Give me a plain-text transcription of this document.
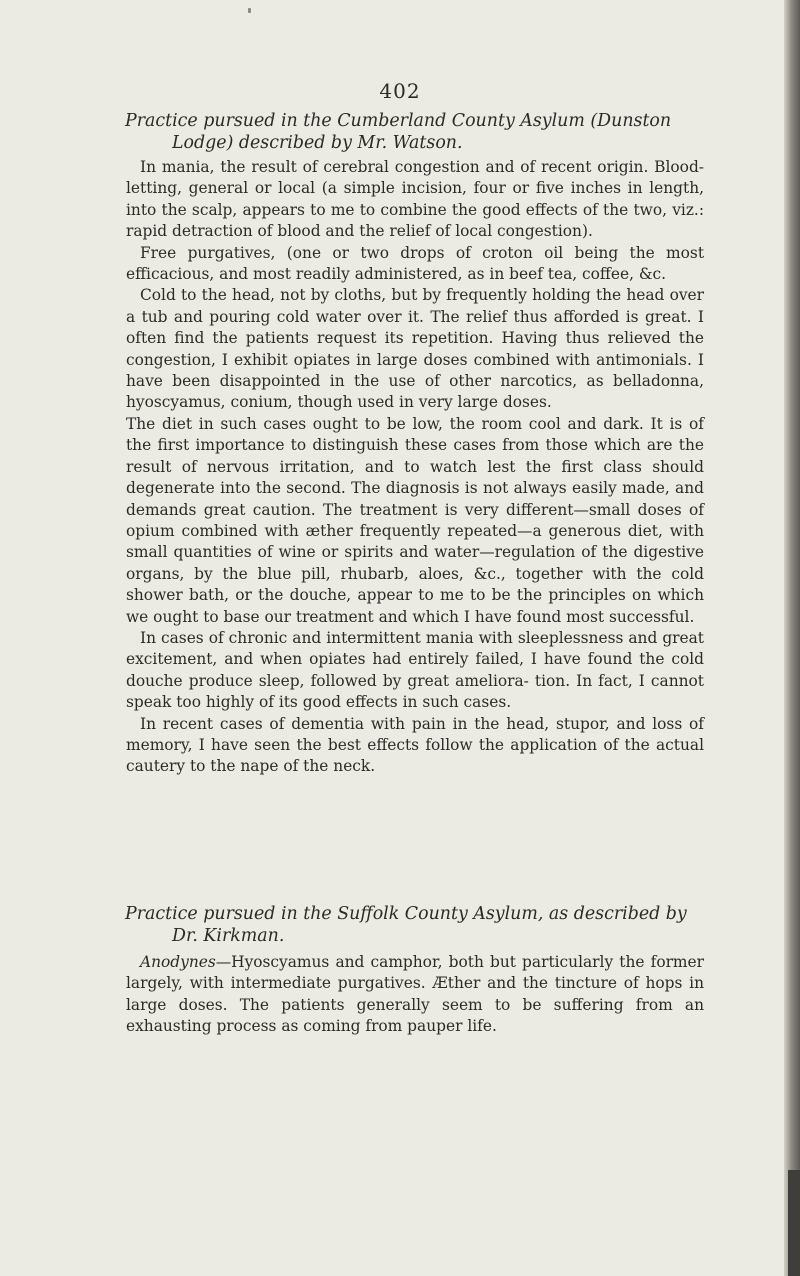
402
Practice pursued in the Cumberland County Asylum (Dunston
Lodge) described by Mr. Watson.

In mania, the result of cerebral congestion and of recent origin. Blood-letting, general or local (a simple incision, four or five inches in length, into the scalp, appears to me to combine the good effects of the two, viz.: rapid detraction of blood and the relief of local congestion).

Free purgatives, (one or two drops of croton oil being the most efficacious, and most readily administered, as in beef tea, coffee, &c.

Cold to the head, not by cloths, but by frequently holding the head over a tub and pouring cold water over it. The relief thus afforded is great. I often find the patients request its repetition. Having thus relieved the congestion, I exhibit opiates in large doses combined with antimonials. I have been disappointed in the use of other narcotics, as belladonna, hyoscyamus, conium, though used in very large doses.

The diet in such cases ought to be low, the room cool and dark. It is of the first importance to distinguish these cases from those which are the result of nervous irritation, and to watch lest the first class should degenerate into the second. The diagnosis is not always easily made, and demands great caution. The treatment is very different—small doses of opium combined with æther frequently repeated—a generous diet, with small quantities of wine or spirits and water—regulation of the digestive organs, by the blue pill, rhubarb, aloes, &c., together with the cold shower bath, or the douche, appear to me to be the principles on which we ought to base our treatment and which I have found most successful.

In cases of chronic and intermittent mania with sleeplessness and great excitement, and when opiates had entirely failed, I have found the cold douche produce sleep, followed by great ameliora- tion. In fact, I cannot speak too highly of its good effects in such cases.

In recent cases of dementia with pain in the head, stupor, and loss of memory, I have seen the best effects follow the application of the actual cautery to the nape of the neck.

Practice pursued in the Suffolk County Asylum, as described by
Dr. Kirkman.

Anodynes—Hyoscyamus and camphor, both but particularly the former largely, with intermediate purgatives. Æther and the tincture of hops in large doses. The patients generally seem to be suffering from an exhausting process as coming from pauper life.
